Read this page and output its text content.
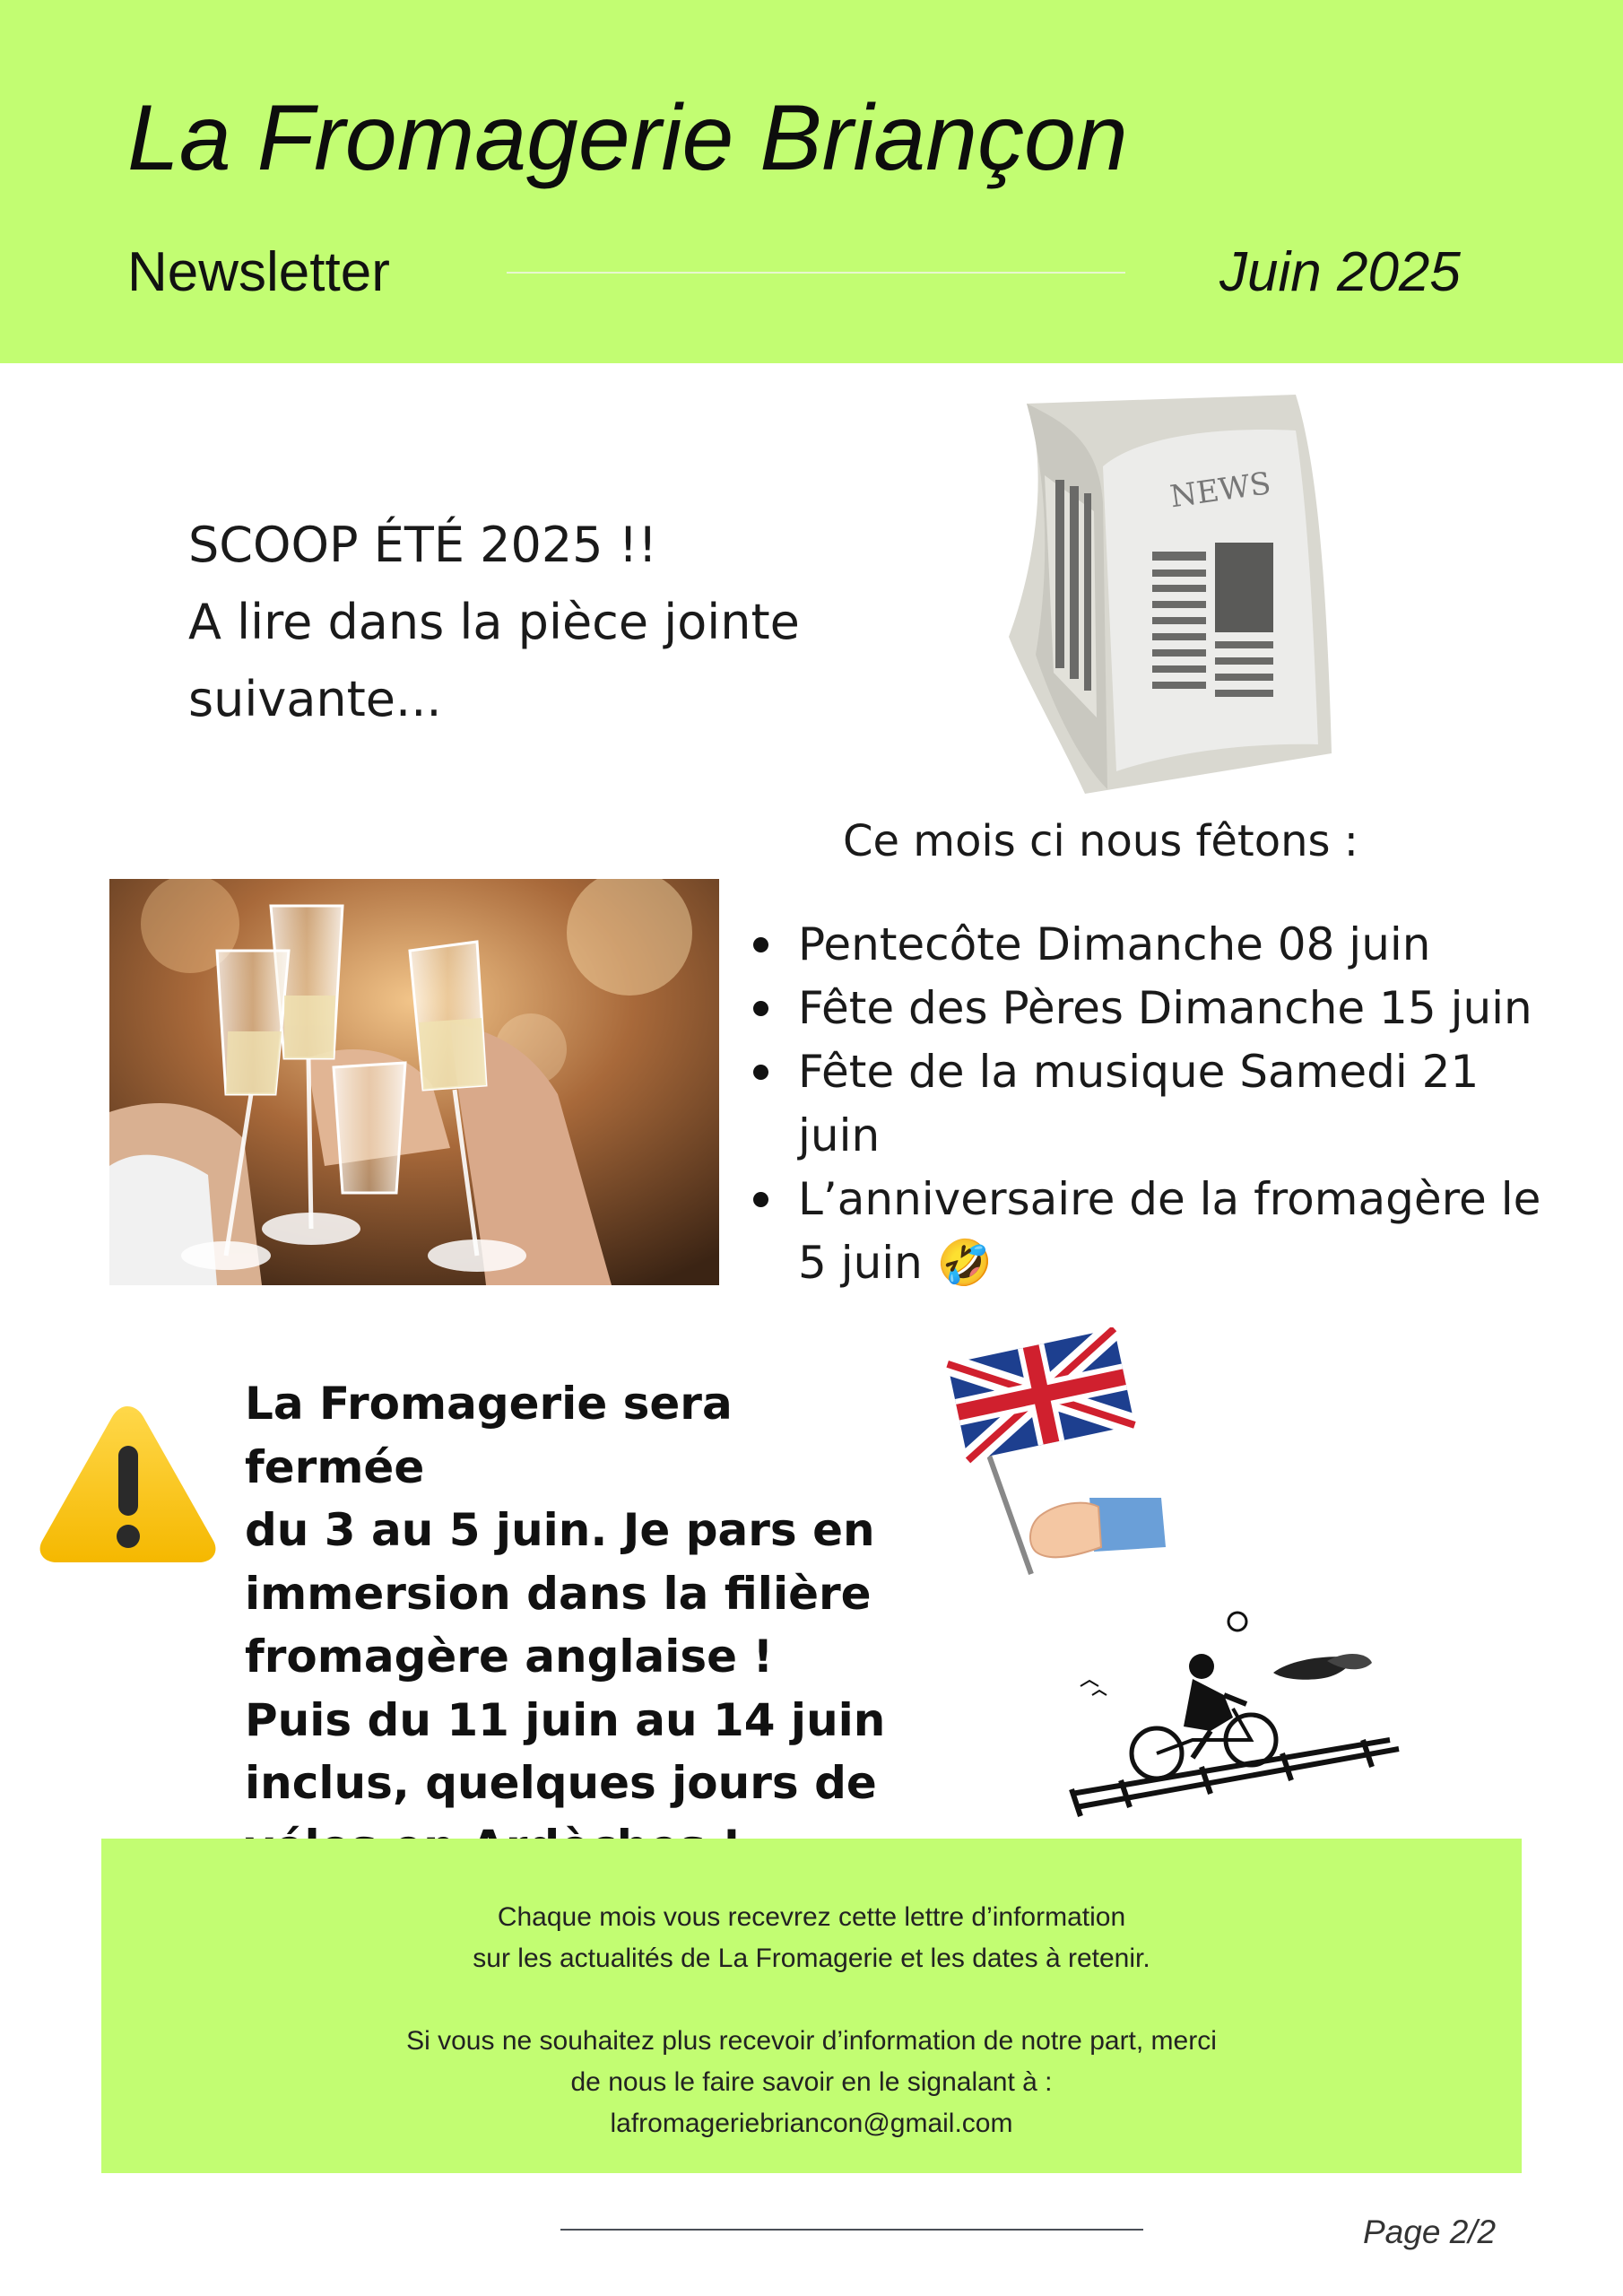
La Fromagerie Briançon
Newsletter	Juin 2025
SCOOP ÉTÉ 2025 !!
A lire dans la pièce jointe
suivante...
NEWS
Ce mois ci nous fêtons :
Pentecôte Dimanche 08 juin
Fête des Pères Dimanche 15 juin
Fête de la musique Samedi 21 juin
L’anniversaire de la fromagère le 5 juin 🤣
La Fromagerie sera fermée
du 3 au 5 juin. Je pars en
immersion dans la filière
fromagère anglaise !
Puis du 11 juin au 14 juin
inclus, quelques jours de
Chaque mois vous recevrez cette lettre d’information
sur les actualités de La Fromagerie et les dates à retenir.

Si vous ne souhaitez plus recevoir d’information de notre part, merci
de nous le faire savoir en le signalant à :
lafromageriebriancon@gmail.com
Page 2/2
